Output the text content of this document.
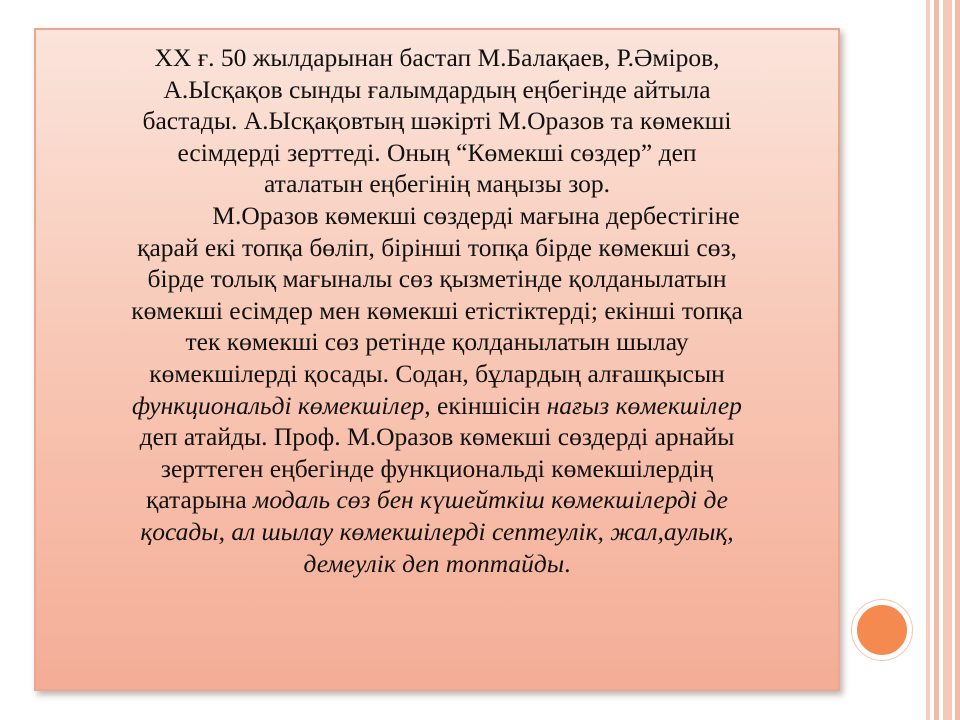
XX ғ. 50 жылдарынан бастап М.Балақаев, Р.Әміров,
А.Ысқақов сынды ғалымдардың еңбегінде айтыла
бастады. А.Ысқақовтың шәкірті М.Оразов та көмекші
есімдерді зерттеді. Оның “Көмекші сөздер” деп
аталатын еңбегінің маңызы зор.

М.Оразов көмекші сөздерді мағына дербестігіне
қарай екі топқа бөліп, бірінші топқа бірде көмекші сөз,
бірде толық мағыналы сөз қызметінде қолданылатын
көмекші есімдер мен көмекші етістіктерді; екінші топқа
тек көмекші сөз ретінде қолданылатын шылау
көмекшілерді қосады. Содан, бұлардың алғашқысын
функциональді көмекшілер, екіншісін нағыз көмекшілер
деп атайды. Проф. М.Оразов көмекші сөздерді арнайы
зерттеген еңбегінде функциональді көмекшілердің
қатарына модаль сөз бен күшейткіш көмекшілерді де
қосады, ал шылау көмекшілерді септеулік, жал,аулық,
демеулік деп топтайды.
